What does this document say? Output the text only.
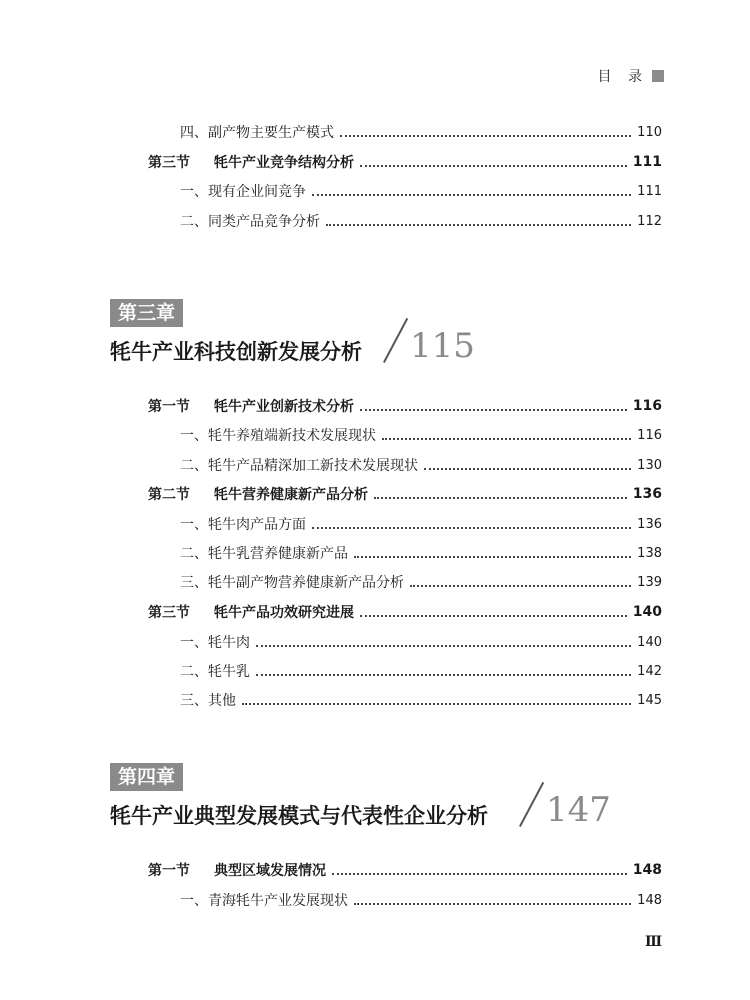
目 录
四、副产物主要生产模式	110
第三节 牦牛产业竞争结构分析	111
一、现有企业间竞争	111
二、同类产品竞争分析	112
第三章
牦牛产业科技创新发展分析 115
第一节 牦牛产业创新技术分析	116
一、牦牛养殖端新技术发展现状	116
二、牦牛产品精深加工新技术发展现状	130
第二节 牦牛营养健康新产品分析	136
一、牦牛肉产品方面	136
二、牦牛乳营养健康新产品	138
三、牦牛副产物营养健康新产品分析	139
第三节 牦牛产品功效研究进展	140
一、牦牛肉	140
二、牦牛乳	142
三、其他	145
第四章
牦牛产业典型发展模式与代表性企业分析 147
第一节 典型区域发展情况	148
一、青海牦牛产业发展现状	148
Ⅲ
